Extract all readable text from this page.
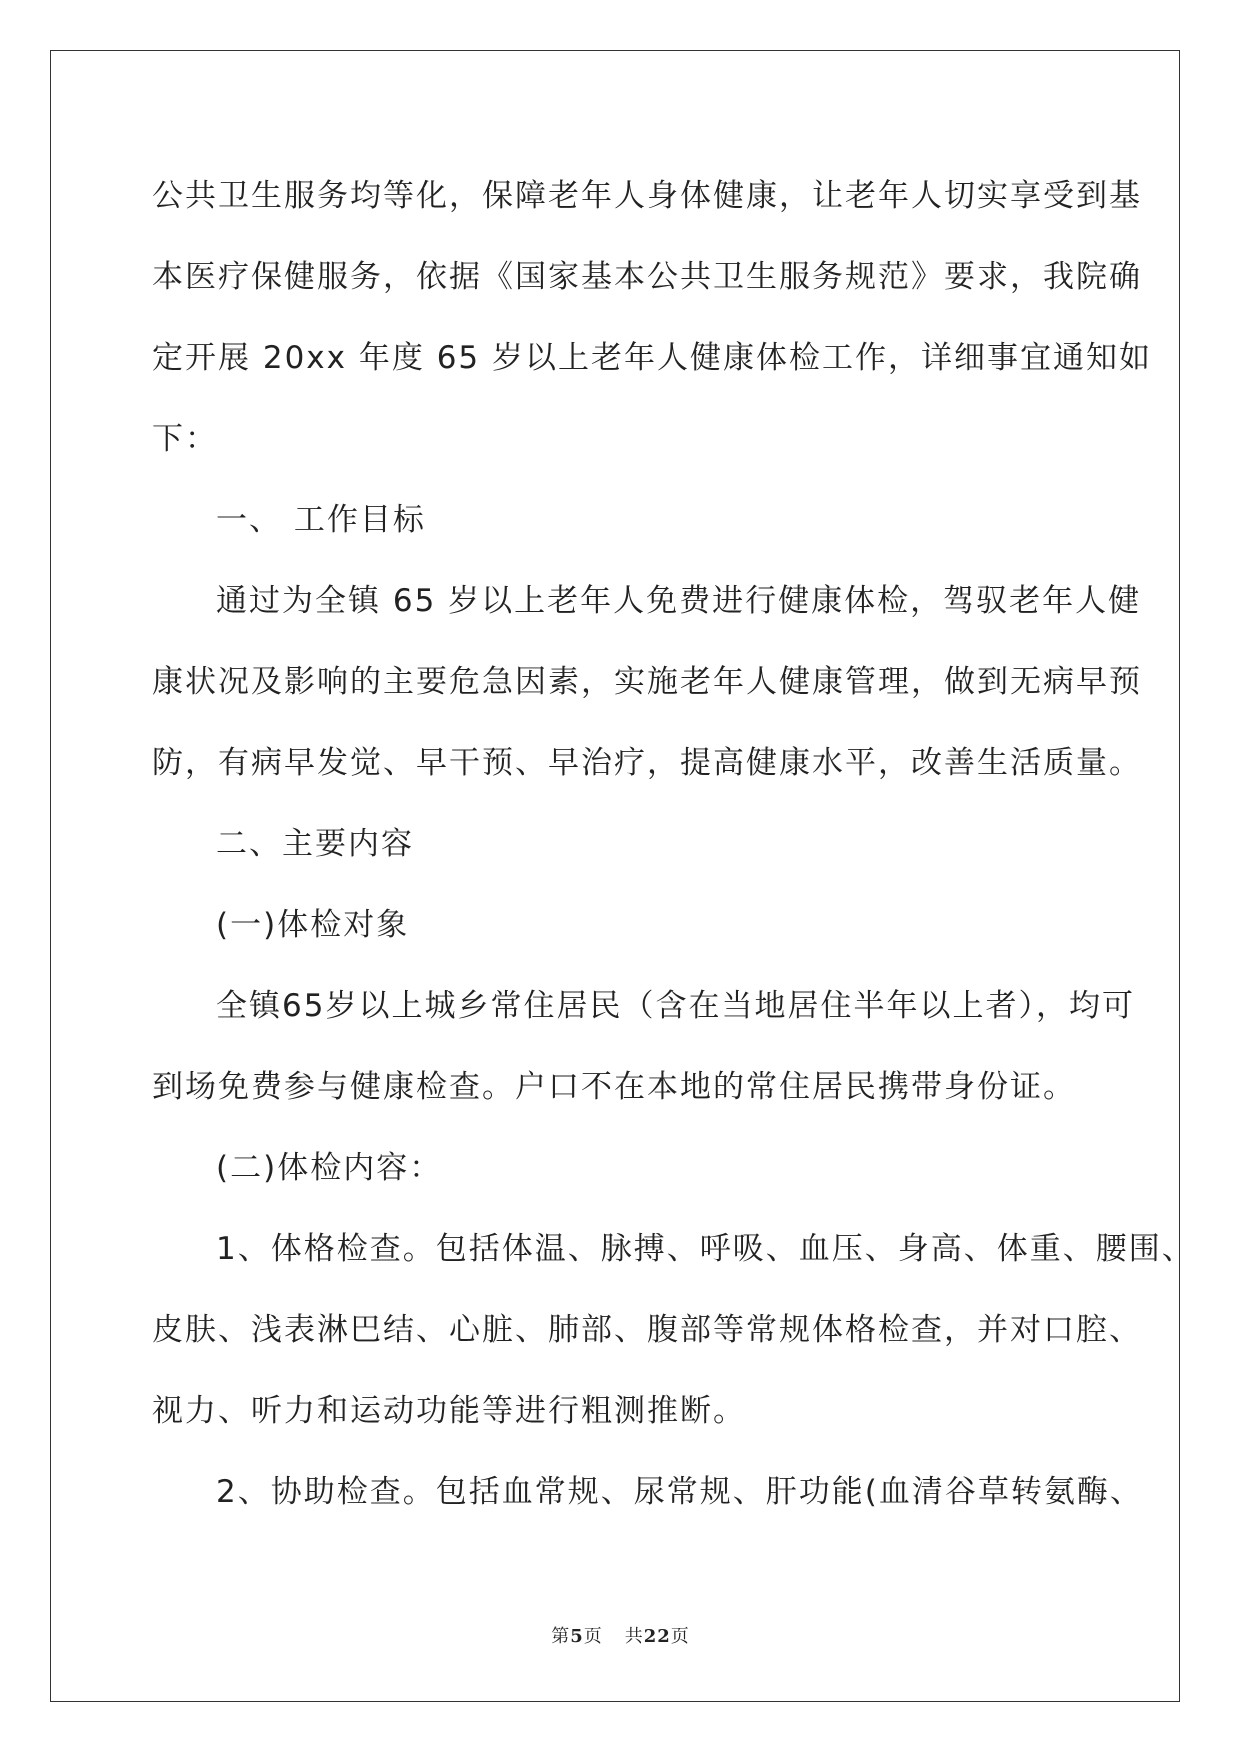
公共卫生服务均等化，保障老年人身体健康，让老年人切实享受到基

本医疗保健服务，依据《国家基本公共卫生服务规范》要求，我院确

定开展 20xx 年度 65 岁以上老年人健康体检工作，详细事宜通知如

下：

一、 工作目标

通过为全镇 65 岁以上老年人免费进行健康体检，驾驭老年人健

康状况及影响的主要危急因素，实施老年人健康管理，做到无病早预

防，有病早发觉、早干预、早治疗，提高健康水平，改善生活质量。

二、主要内容

(一)体检对象

全镇65岁以上城乡常住居民（含在当地居住半年以上者），均可

到场免费参与健康检查。户口不在本地的常住居民携带身份证。

(二)体检内容：

1、体格检查。包括体温、脉搏、呼吸、血压、身高、体重、腰围、

皮肤、浅表淋巴结、心脏、肺部、腹部等常规体格检查，并对口腔、

视力、听力和运动功能等进行粗测推断。

2、协助检查。包括血常规、尿常规、肝功能(血清谷草转氨酶、

第5页 共22页
